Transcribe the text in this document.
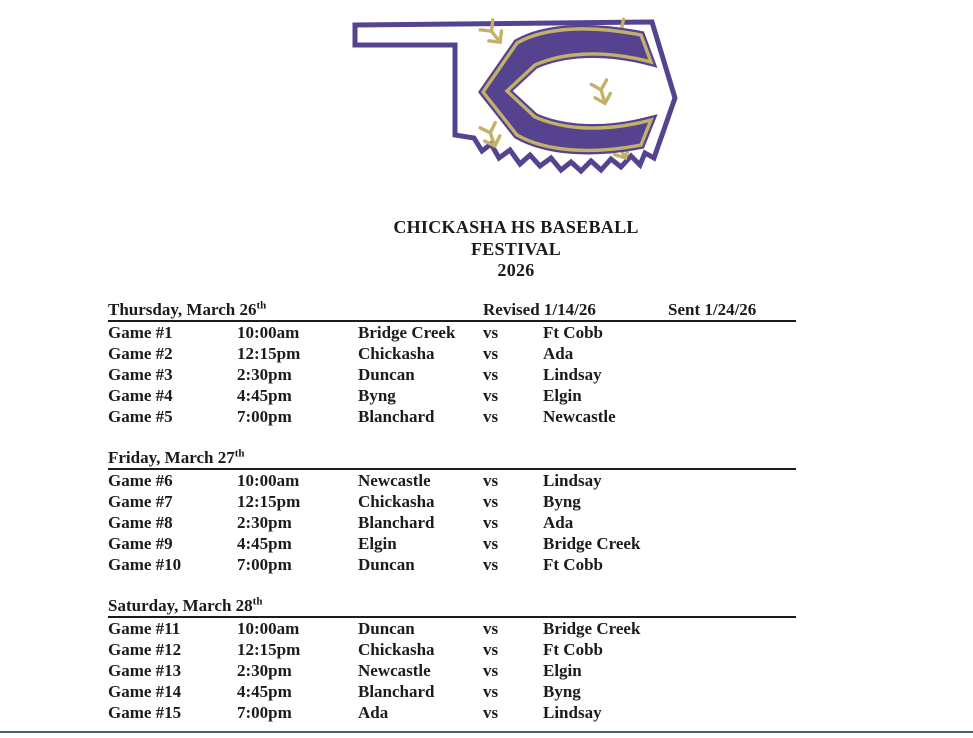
CHICKASHA HS BASEBALL
FESTIVAL
2026
Thursday, March 26th	Revised 1/14/26	Sent 1/24/26
Game #1	10:00am	Bridge Creek	vs	Ft Cobb
Game #2	12:15pm	Chickasha	vs	Ada
Game #3	2:30pm	Duncan	vs	Lindsay
Game #4	4:45pm	Byng	vs	Elgin
Game #5	7:00pm	Blanchard	vs	Newcastle
Friday, March 27th
Game #6	10:00am	Newcastle	vs	Lindsay
Game #7	12:15pm	Chickasha	vs	Byng
Game #8	2:30pm	Blanchard	vs	Ada
Game #9	4:45pm	Elgin	vs	Bridge Creek
Game #10	7:00pm	Duncan	vs	Ft Cobb
Saturday, March 28th
Game #11	10:00am	Duncan	vs	Bridge Creek
Game #12	12:15pm	Chickasha	vs	Ft Cobb
Game #13	2:30pm	Newcastle	vs	Elgin
Game #14	4:45pm	Blanchard	vs	Byng
Game #15	7:00pm	Ada	vs	Lindsay
